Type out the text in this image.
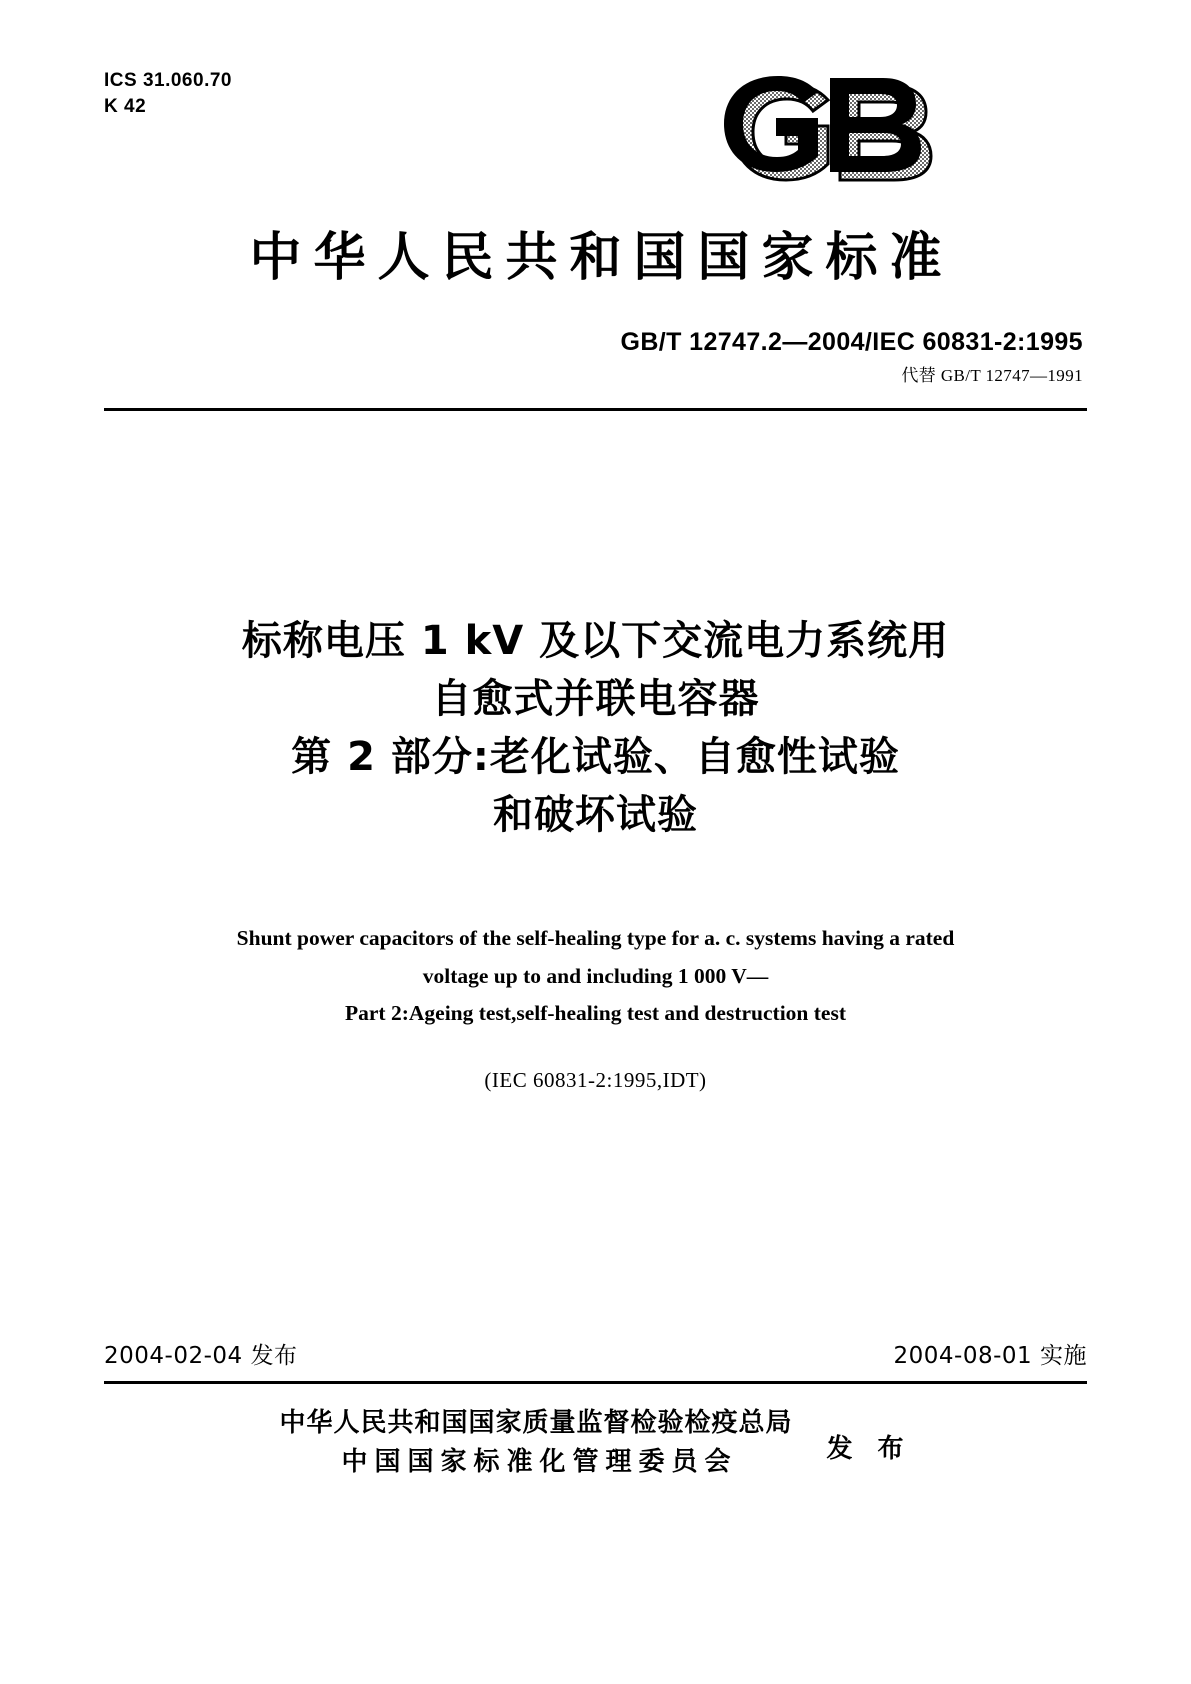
ICS 31.060.70
K 42
中华人民共和国国家标准
GB/T 12747.2—2004/IEC 60831-2:1995
代替 GB/T 12747—1991
标称电压 1 kV 及以下交流电力系统用
自愈式并联电容器
第 2 部分:老化试验、自愈性试验
和破坏试验
Shunt power capacitors of the self-healing type for a. c. systems having a rated
voltage up to and including 1 000 V—
Part 2:Ageing test,self-healing test and destruction test
(IEC 60831-2:1995,IDT)
2004-02-04 发布	2004-08-01 实施
中华人民共和国国家质量监督检验检疫总局
中国国家标准化管理委员会	发 布
